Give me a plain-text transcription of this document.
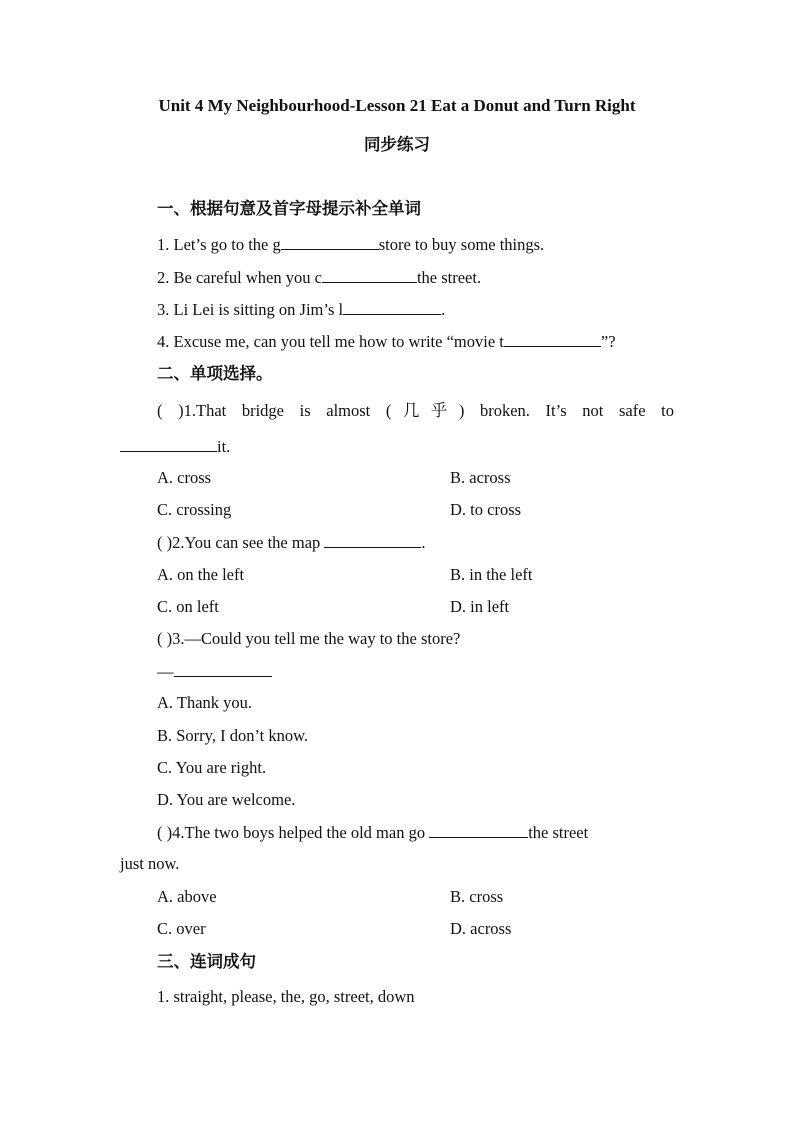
Unit 4 My Neighbourhood-Lesson 21 Eat a Donut and Turn Right
同步练习
一、根据句意及首字母提示补全单词
1. Let’s go to the g	store to buy some things.
2. Be careful when you c	the street.
3. Li Lei is sitting on Jim’s l	.
4. Excuse me, can you tell me how to write “movie t	”?
二、单项选择。
( )1.That bridge is almost (几乎) broken. It’s not safe to
it.
A. cross	B. across
C. crossing	D. to cross
( )2.You can see the map	.
A. on the left	B. in the left
C. on left	D. in left
( )3.—Could you tell me the way to the store?
—
A. Thank you.
B. Sorry, I don’t know.
C. You are right.
D. You are welcome.
( )4.The two boys helped the old man go	the street
just now.
A. above	B. cross
C. over	D. across
三、连词成句
1. straight, please, the, go, street, down
